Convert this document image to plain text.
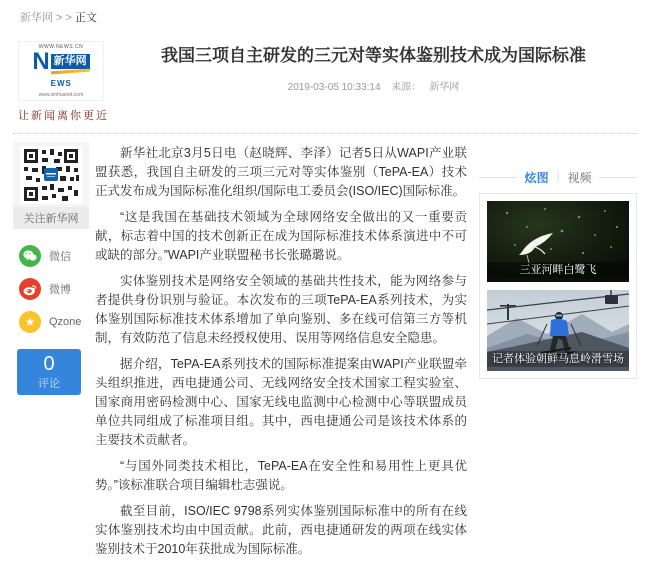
新华网 > > 正文
WWW.NEWS.CN
N 新华网
EWS
www.xinhuanet.com
让新闻离你更近
我国三项自主研发的三元对等实体鉴别技术成为国际标准
2019-03-05 10:33:14 来源： 新华网
关注新华网
微信
微博
★ Qzone
0
评论

新华社北京3月5日电（赵晓辉、李泽）记者5日从WAPI产业联盟获悉，我国自主研发的三项三元对等实体鉴别（TePA-EA）技术正式发布成为国际标准化组织/国际电工委员会(ISO/IEC)国际标准。

“这是我国在基础技术领域为全球网络安全做出的又一重要贡献，标志着中国的技术创新正在成为国际标准技术体系演进中不可或缺的部分。”WAPI产业联盟秘书长张璐璐说。

实体鉴别技术是网络安全领域的基础共性技术，能为网络参与者提供身份识别与验证。本次发布的三项TePA-EA系列技术，为实体鉴别国际标准技术体系增加了单向鉴别、多在线可信第三方等机制，有效防范了信息未经授权使用、误用等网络信息安全隐患。

据介绍，TePA-EA系列技术的国际标准提案由WAPI产业联盟牵头组织推进，西电捷通公司、无线网络安全技术国家工程实验室、国家商用密码检测中心、国家无线电监测中心检测中心等联盟成员单位共同组成了标准项目组。其中，西电捷通公司是该技术体系的主要技术贡献者。

“与国外同类技术相比，TePA-EA在安全性和易用性上更具优势。”该标准联合项目编辑杜志强说。

截至目前，ISO/IEC 9798系列实体鉴别国际标准中的所有在线实体鉴别技术均由中国贡献。此前，西电捷通研发的两项在线实体鉴别技术于2010年获批成为国际标准。

炫图 | 视频
三亚河畔白鹭飞
记者体验朝鲜马息岭滑雪场
